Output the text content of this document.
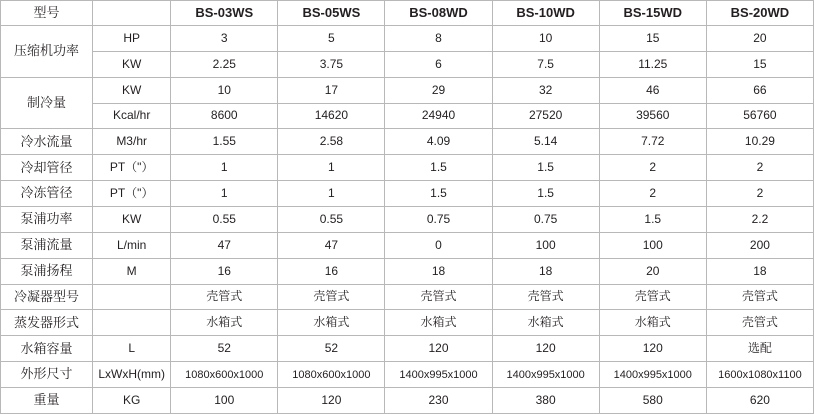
型号		BS-03WS	BS-05WS	BS-08WD	BS-10WD	BS-15WD	BS-20WD
压缩机功率	HP	3	5	8	10	15	20
	KW	2.25	3.75	6	7.5	11.25	15
制冷量	KW	10	17	29	32	46	66
	Kcal/hr	8600	14620	24940	27520	39560	56760
冷水流量	M3/hr	1.55	2.58	4.09	5.14	7.72	10.29
冷却管径	PT（"）	1	1	1.5	1.5	2	2
冷冻管径	PT（"）	1	1	1.5	1.5	2	2
泵浦功率	KW	0.55	0.55	0.75	0.75	1.5	2.2
泵浦流量	L/min	47	47	0	100	100	200
泵浦扬程	M	16	16	18	18	20	18
冷凝器型号		壳管式	壳管式	壳管式	壳管式	壳管式	壳管式
蒸发器形式		水箱式	水箱式	水箱式	水箱式	水箱式	壳管式
水箱容量	L	52	52	120	120	120	选配
外形尺寸	LxWxH(mm)	1080x600x1000	1080x600x1000	1400x995x1000	1400x995x1000	1400x995x1000	1600x1080x1100
重量	KG	100	120	230	380	580	620
